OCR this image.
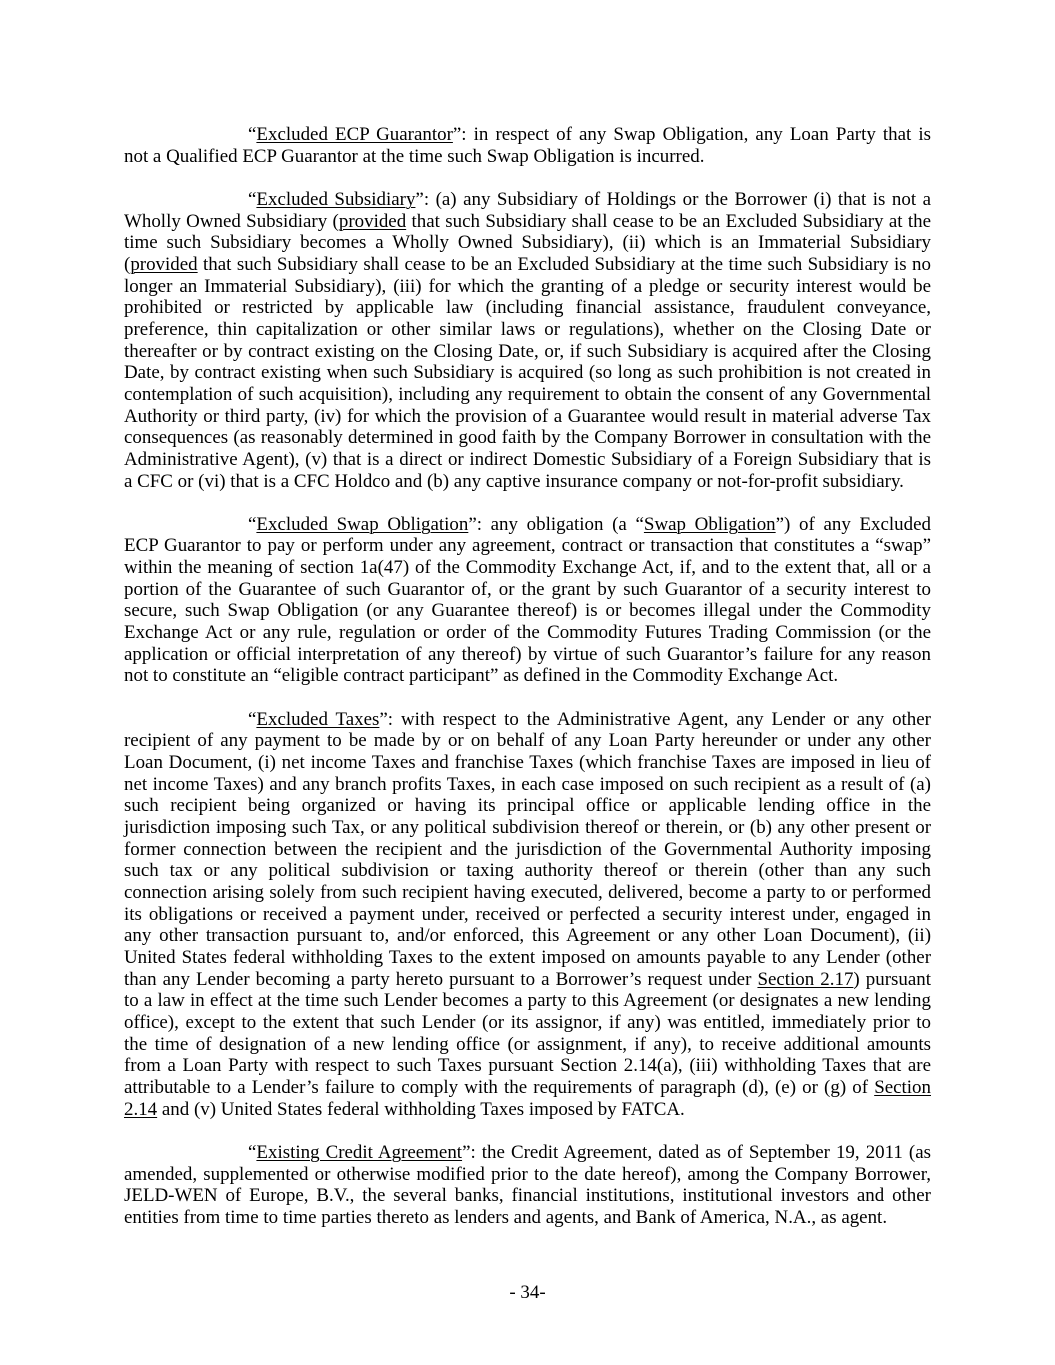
“Excluded ECP Guarantor”: in respect of any Swap Obligation, any Loan Party that is
not a Qualified ECP Guarantor at the time such Swap Obligation is incurred.
“Excluded Subsidiary”: (a) any Subsidiary of Holdings or the Borrower (i) that is not a
Wholly Owned Subsidiary (provided that such Subsidiary shall cease to be an Excluded Subsidiary at the
time such Subsidiary becomes a Wholly Owned Subsidiary), (ii) which is an Immaterial Subsidiary
(provided that such Subsidiary shall cease to be an Excluded Subsidiary at the time such Subsidiary is no
longer an Immaterial Subsidiary), (iii) for which the granting of a pledge or security interest would be
prohibited or restricted by applicable law (including financial assistance, fraudulent conveyance,
preference, thin capitalization or other similar laws or regulations), whether on the Closing Date or
thereafter or by contract existing on the Closing Date, or, if such Subsidiary is acquired after the Closing
Date, by contract existing when such Subsidiary is acquired (so long as such prohibition is not created in
contemplation of such acquisition), including any requirement to obtain the consent of any Governmental
Authority or third party, (iv) for which the provision of a Guarantee would result in material adverse Tax
consequences (as reasonably determined in good faith by the Company Borrower in consultation with the
Administrative Agent), (v) that is a direct or indirect Domestic Subsidiary of a Foreign Subsidiary that is
a CFC or (vi) that is a CFC Holdco and (b) any captive insurance company or not-for-profit subsidiary.
“Excluded Swap Obligation”: any obligation (a “Swap Obligation”) of any Excluded
ECP Guarantor to pay or perform under any agreement, contract or transaction that constitutes a “swap”
within the meaning of section 1a(47) of the Commodity Exchange Act, if, and to the extent that, all or a
portion of the Guarantee of such Guarantor of, or the grant by such Guarantor of a security interest to
secure, such Swap Obligation (or any Guarantee thereof) is or becomes illegal under the Commodity
Exchange Act or any rule, regulation or order of the Commodity Futures Trading Commission (or the
application or official interpretation of any thereof) by virtue of such Guarantor’s failure for any reason
not to constitute an “eligible contract participant” as defined in the Commodity Exchange Act.
“Excluded Taxes”: with respect to the Administrative Agent, any Lender or any other
recipient of any payment to be made by or on behalf of any Loan Party hereunder or under any other
Loan Document, (i) net income Taxes and franchise Taxes (which franchise Taxes are imposed in lieu of
net income Taxes) and any branch profits Taxes, in each case imposed on such recipient as a result of (a)
such recipient being organized or having its principal office or applicable lending office in the
jurisdiction imposing such Tax, or any political subdivision thereof or therein, or (b) any other present or
former connection between the recipient and the jurisdiction of the Governmental Authority imposing
such tax or any political subdivision or taxing authority thereof or therein (other than any such
connection arising solely from such recipient having executed, delivered, become a party to or performed
its obligations or received a payment under, received or perfected a security interest under, engaged in
any other transaction pursuant to, and/or enforced, this Agreement or any other Loan Document), (ii)
United States federal withholding Taxes to the extent imposed on amounts payable to any Lender (other
than any Lender becoming a party hereto pursuant to a Borrower’s request under Section 2.17) pursuant
to a law in effect at the time such Lender becomes a party to this Agreement (or designates a new lending
office), except to the extent that such Lender (or its assignor, if any) was entitled, immediately prior to
the time of designation of a new lending office (or assignment, if any), to receive additional amounts
from a Loan Party with respect to such Taxes pursuant Section 2.14(a), (iii) withholding Taxes that are
attributable to a Lender’s failure to comply with the requirements of paragraph (d), (e) or (g) of Section
2.14 and (v) United States federal withholding Taxes imposed by FATCA.
“Existing Credit Agreement”: the Credit Agreement, dated as of September 19, 2011 (as
amended, supplemented or otherwise modified prior to the date hereof), among the Company Borrower,
JELD-WEN of Europe, B.V., the several banks, financial institutions, institutional investors and other
entities from time to time parties thereto as lenders and agents, and Bank of America, N.A., as agent.
- 34-
